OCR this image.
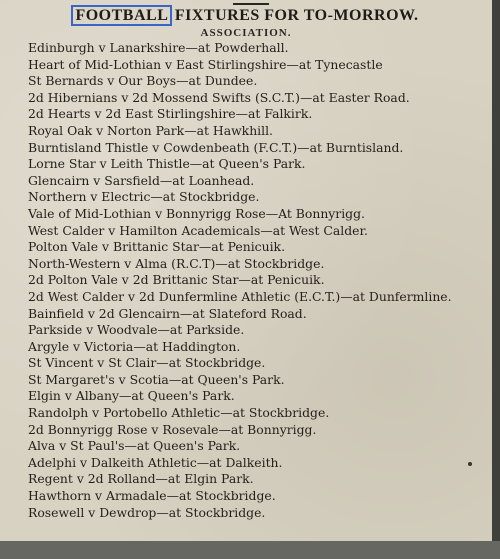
FOOTBALL FIXTURES FOR TO-MORROW.
ASSOCIATION.
Edinburgh v Lanarkshire—at Powderhall.
Heart of Mid-Lothian v East Stirlingshire—at Tynecastle
St Bernards v Our Boys—at Dundee.
2d Hibernians v 2d Mossend Swifts (S.C.T.)—at Easter Road.
2d Hearts v 2d East Stirlingshire—at Falkirk.
Royal Oak v Norton Park—at Hawkhill.
Burntisland Thistle v Cowdenbeath (F.C.T.)—at Burntisland.
Lorne Star v Leith Thistle—at Queen's Park.
Glencairn v Sarsfield—at Loanhead.
Northern v Electric—at Stockbridge.
Vale of Mid-Lothian v Bonnyrigg Rose—At Bonnyrigg.
West Calder v Hamilton Academicals—at West Calder.
Polton Vale v Brittanic Star—at Penicuik.
North-Western v Alma (R.C.T)—at Stockbridge.
2d Polton Vale v 2d Brittanic Star—at Penicuik.
2d West Calder v 2d Dunfermline Athletic (E.C.T.)—at Dunfermline.
Bainfield v 2d Glencairn—at Slateford Road.
Parkside v Woodvale—at Parkside.
Argyle v Victoria—at Haddington.
St Vincent v St Clair—at Stockbridge.
St Margaret's v Scotia—at Queen's Park.
Elgin v Albany—at Queen's Park.
Randolph v Portobello Athletic—at Stockbridge.
2d Bonnyrigg Rose v Rosevale—at Bonnyrigg.
Alva v St Paul's—at Queen's Park.
Adelphi v Dalkeith Athletic—at Dalkeith.
Regent v 2d Rolland—at Elgin Park.
Hawthorn v Armadale—at Stockbridge.
Rosewell v Dewdrop—at Stockbridge.
